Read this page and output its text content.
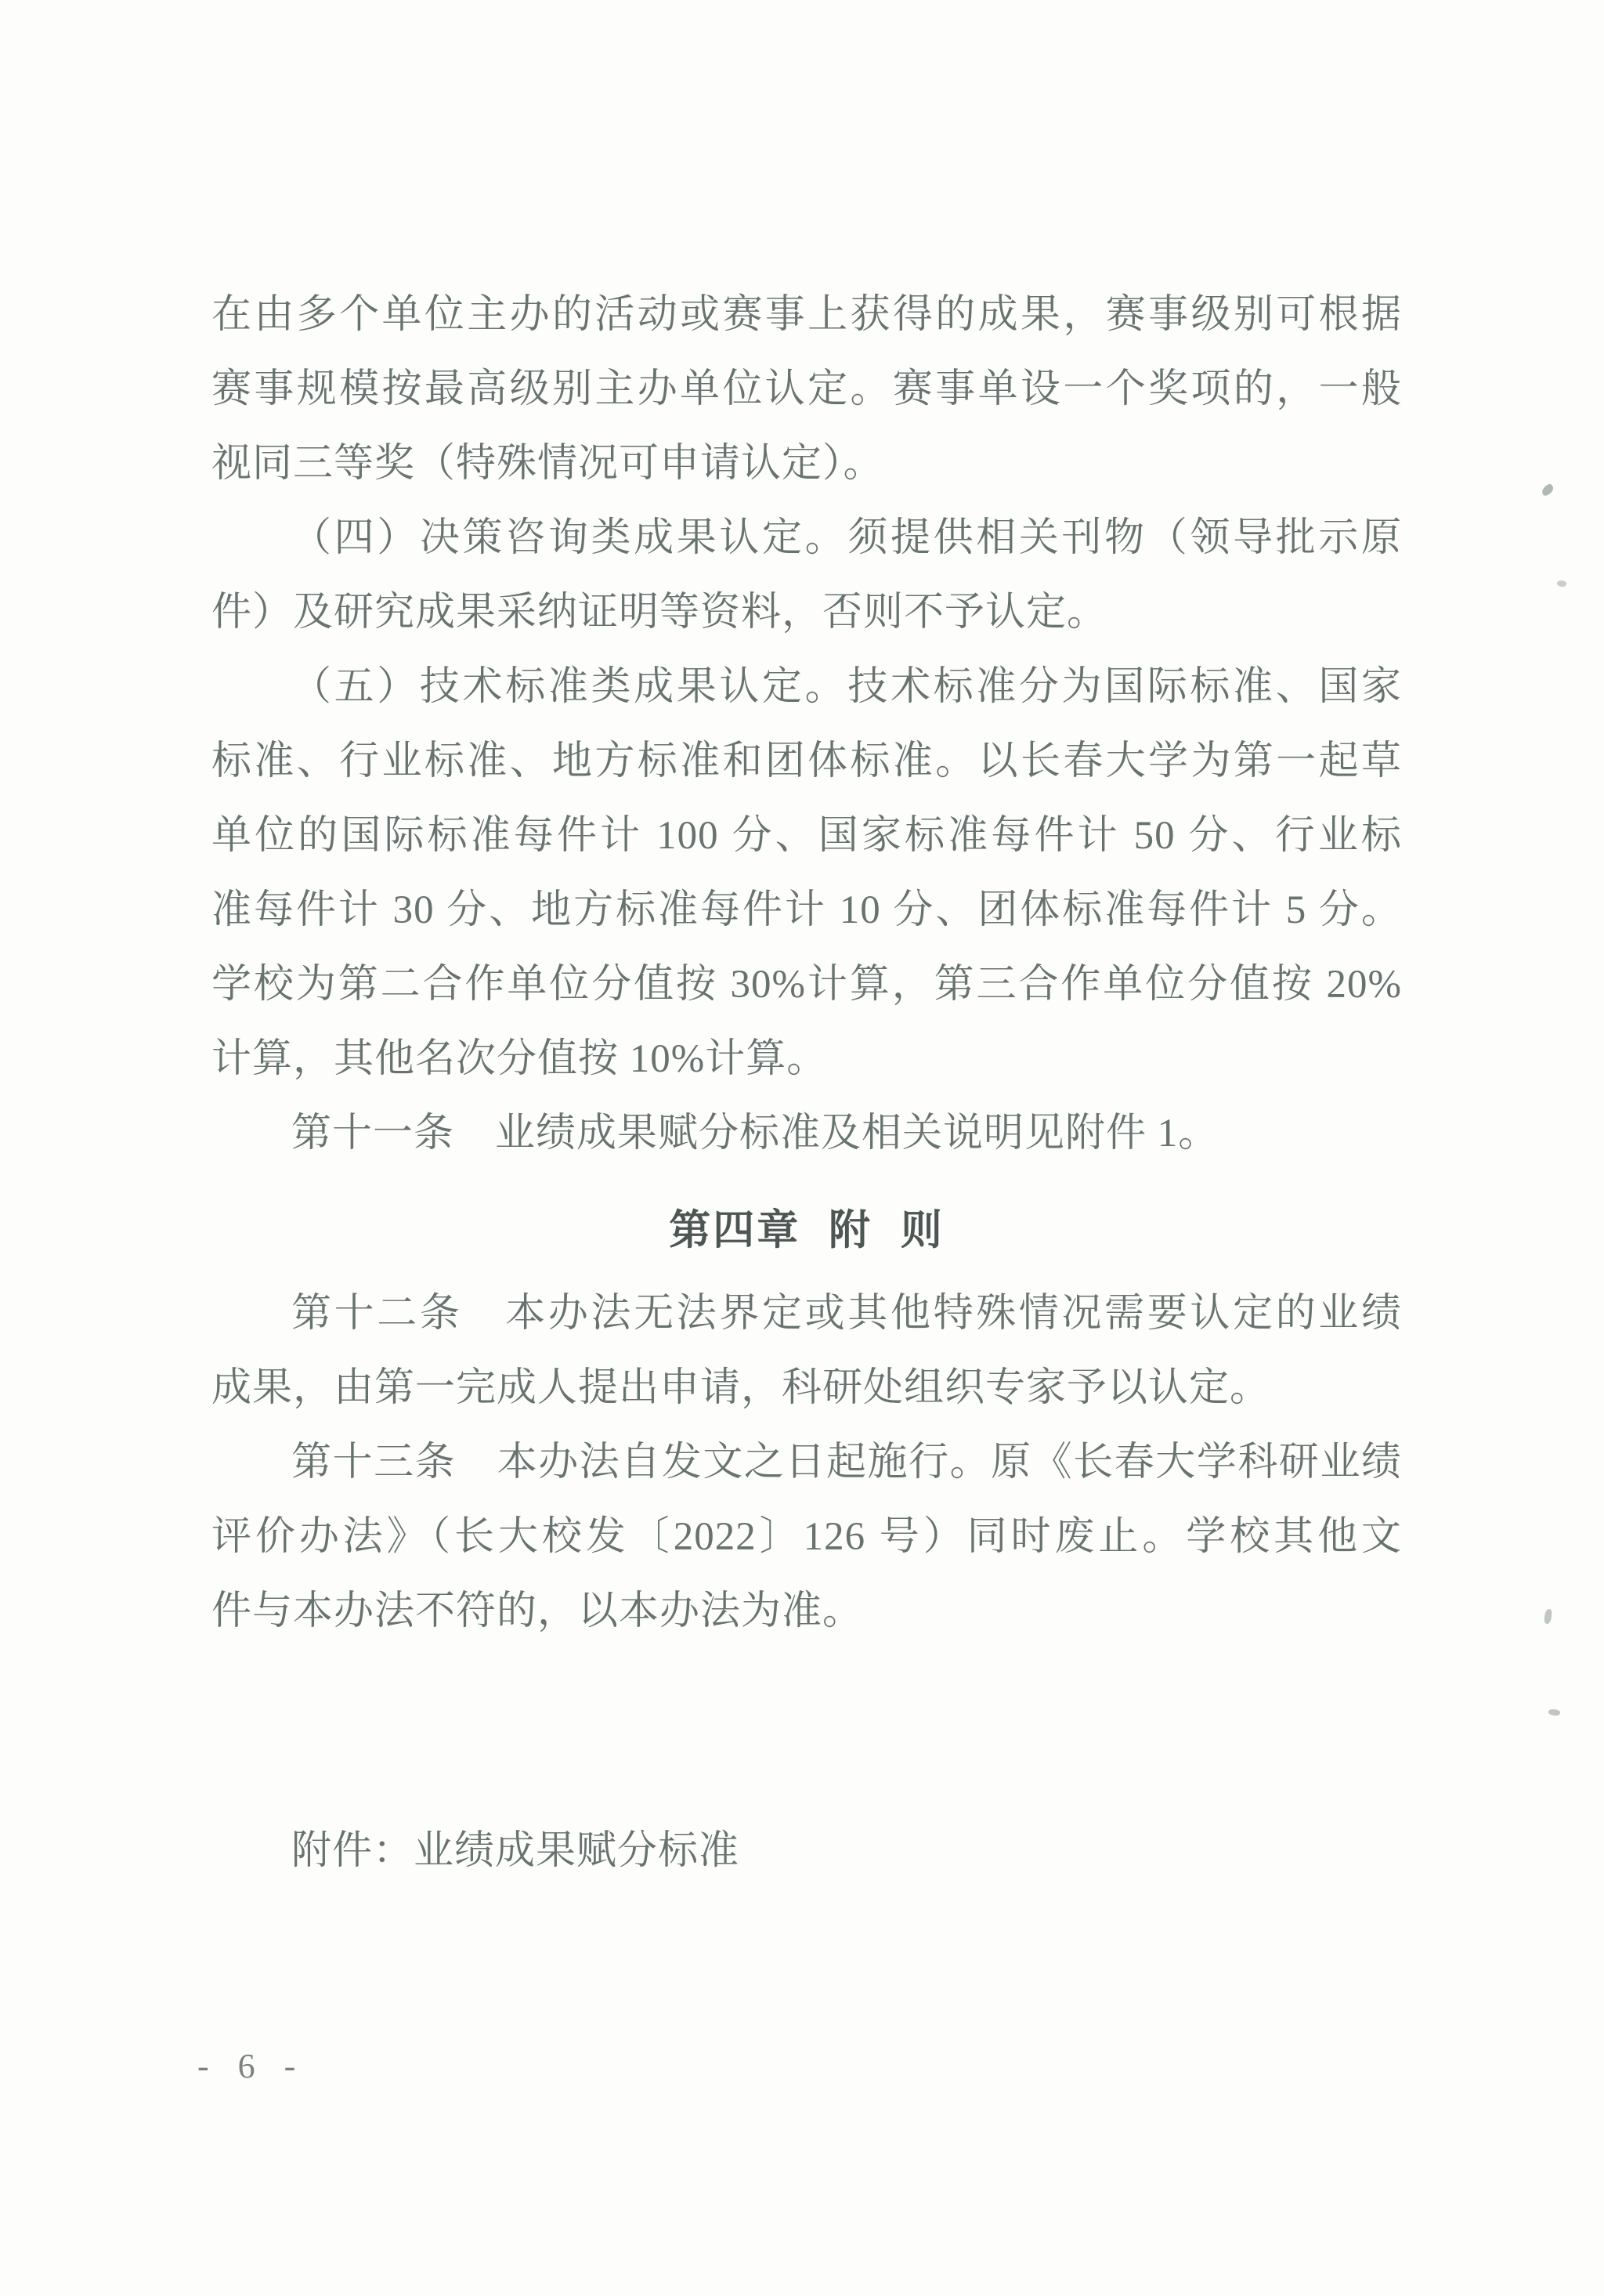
在由多个单位主办的活动或赛事上获得的成果，赛事级别可根据
赛事规模按最高级别主办单位认定。赛事单设一个奖项的，一般
视同三等奖（特殊情况可申请认定）。
（四）决策咨询类成果认定。须提供相关刊物（领导批示原
件）及研究成果采纳证明等资料，否则不予认定。
（五）技术标准类成果认定。技术标准分为国际标准、国家
标准、行业标准、地方标准和团体标准。以长春大学为第一起草
单位的国际标准每件计 100 分、国家标准每件计 50 分、行业标
准每件计 30 分、地方标准每件计 10 分、团体标准每件计 5 分。
学校为第二合作单位分值按 30%计算，第三合作单位分值按 20%
计算，其他名次分值按 10%计算。
第十一条　业绩成果赋分标准及相关说明见附件 1。
第四章 附 则
第十二条　本办法无法界定或其他特殊情况需要认定的业绩
成果，由第一完成人提出申请，科研处组织专家予以认定。
第十三条　本办法自发文之日起施行。原《长春大学科研业绩
评价办法》（长大校发〔2022〕126 号）同时废止。学校其他文
件与本办法不符的，以本办法为准。
附件：业绩成果赋分标准
- 6 -
